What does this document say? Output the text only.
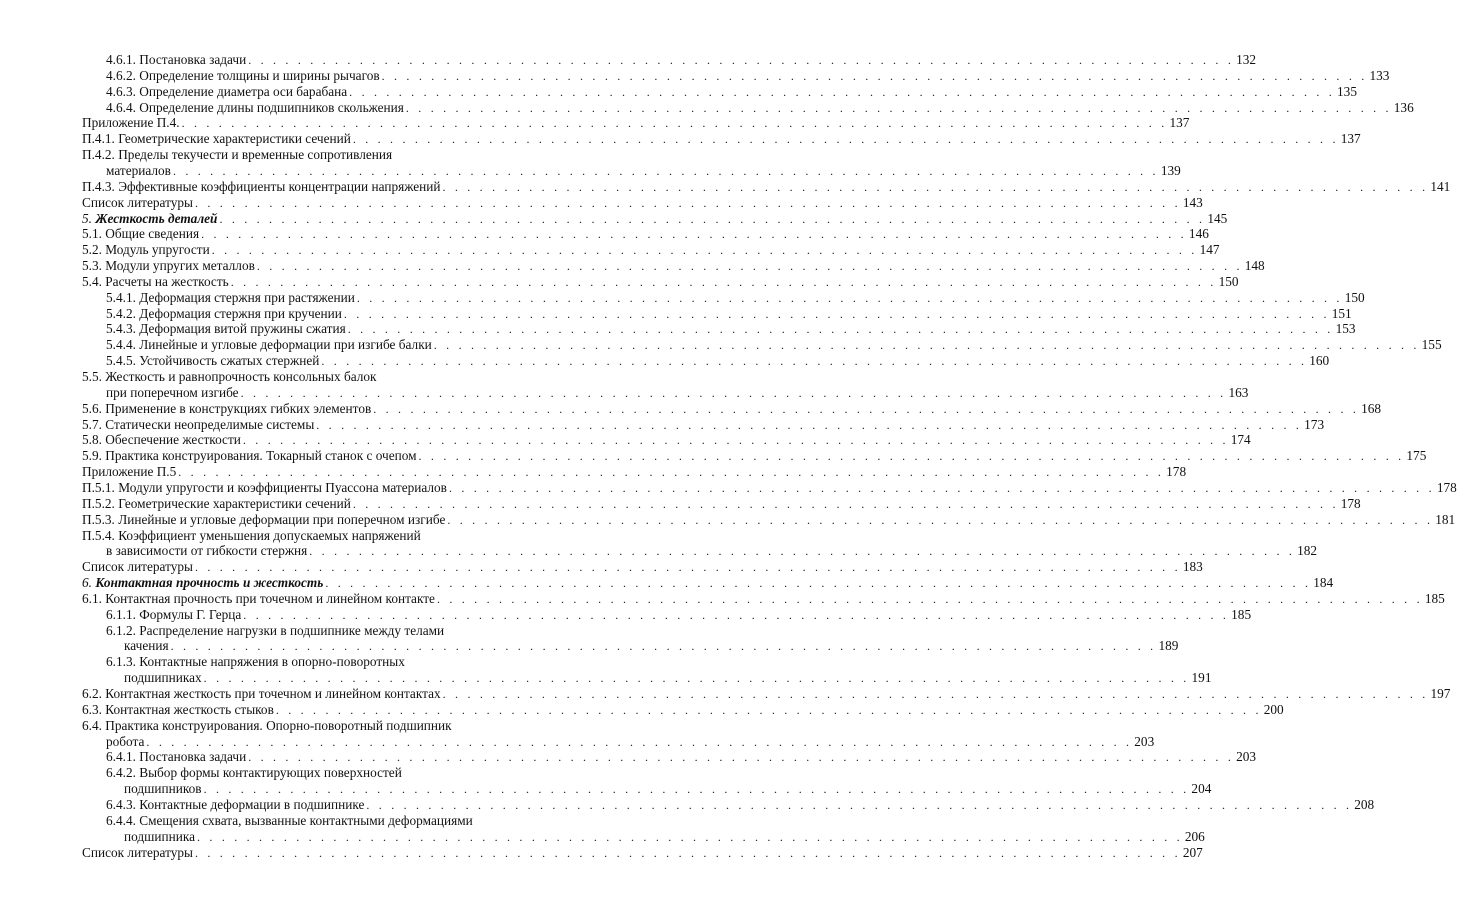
4.6.1. Постановка задачи . . . . . . . . . . . . . . . . . . . . . . . . . . . . . . . . . . . . . . . . . . . . . . . . . . . . . . . . . . . . . . . . . . . . . . . . . . . . . . . . 132
4.6.2. Определение толщины и ширины рычагов . . . . . . . . . . . . . . . . . . . . . . . . . . . . . . . . . . . . . . . . . . . . . . . . . . . . . . . . . . . . . . . . . . . . . . . . . . . . . . . . 133
4.6.3. Определение диаметра оси барабана . . . . . . . . . . . . . . . . . . . . . . . . . . . . . . . . . . . . . . . . . . . . . . . . . . . . . . . . . . . . . . . . . . . . . . . . . . . . . . . . 135
4.6.4. Определение длины подшипников скольжения . . . . . . . . . . . . . . . . . . . . . . . . . . . . . . . . . . . . . . . . . . . . . . . . . . . . . . . . . . . . . . . . . . . . . . . . . . . . . . . . 136
Приложение П.4. . . . . . . . . . . . . . . . . . . . . . . . . . . . . . . . . . . . . . . . . . . . . . . . . . . . . . . . . . . . . . . . . . . . . . . . . . . . . . . . . 137
П.4.1. Геометрические характеристики сечений . . . . . . . . . . . . . . . . . . . . . . . . . . . . . . . . . . . . . . . . . . . . . . . . . . . . . . . . . . . . . . . . . . . . . . . . . . . . . . . . 137
П.4.2. Пределы текучести и временные сопротивления
материалов . . . . . . . . . . . . . . . . . . . . . . . . . . . . . . . . . . . . . . . . . . . . . . . . . . . . . . . . . . . . . . . . . . . . . . . . . . . . . . . . 139
П.4.3. Эффективные коэффициенты концентрации напряжений . . . . . . . . . . . . . . . . . . . . . . . . . . . . . . . . . . . . . . . . . . . . . . . . . . . . . . . . . . . . . . . . . . . . . . . . . . . . . . . . 141
Список литературы . . . . . . . . . . . . . . . . . . . . . . . . . . . . . . . . . . . . . . . . . . . . . . . . . . . . . . . . . . . . . . . . . . . . . . . . . . . . . . . . 143
5. Жесткость деталей . . . . . . . . . . . . . . . . . . . . . . . . . . . . . . . . . . . . . . . . . . . . . . . . . . . . . . . . . . . . . . . . . . . . . . . . . . . . . . . . 145
5.1. Общие сведения . . . . . . . . . . . . . . . . . . . . . . . . . . . . . . . . . . . . . . . . . . . . . . . . . . . . . . . . . . . . . . . . . . . . . . . . . . . . . . . . 146
5.2. Модуль упругости . . . . . . . . . . . . . . . . . . . . . . . . . . . . . . . . . . . . . . . . . . . . . . . . . . . . . . . . . . . . . . . . . . . . . . . . . . . . . . . . 147
5.3. Модули упругих металлов . . . . . . . . . . . . . . . . . . . . . . . . . . . . . . . . . . . . . . . . . . . . . . . . . . . . . . . . . . . . . . . . . . . . . . . . . . . . . . . . 148
5.4. Расчеты на жесткость . . . . . . . . . . . . . . . . . . . . . . . . . . . . . . . . . . . . . . . . . . . . . . . . . . . . . . . . . . . . . . . . . . . . . . . . . . . . . . . . 150
5.4.1. Деформация стержня при растяжении . . . . . . . . . . . . . . . . . . . . . . . . . . . . . . . . . . . . . . . . . . . . . . . . . . . . . . . . . . . . . . . . . . . . . . . . . . . . . . . . 150
5.4.2. Деформация стержня при кручении . . . . . . . . . . . . . . . . . . . . . . . . . . . . . . . . . . . . . . . . . . . . . . . . . . . . . . . . . . . . . . . . . . . . . . . . . . . . . . . . 151
5.4.3. Деформация витой пружины сжатия . . . . . . . . . . . . . . . . . . . . . . . . . . . . . . . . . . . . . . . . . . . . . . . . . . . . . . . . . . . . . . . . . . . . . . . . . . . . . . . . 153
5.4.4. Линейные и угловые деформации при изгибе балки . . . . . . . . . . . . . . . . . . . . . . . . . . . . . . . . . . . . . . . . . . . . . . . . . . . . . . . . . . . . . . . . . . . . . . . . . . . . . . . . 155
5.4.5. Устойчивость сжатых стержней . . . . . . . . . . . . . . . . . . . . . . . . . . . . . . . . . . . . . . . . . . . . . . . . . . . . . . . . . . . . . . . . . . . . . . . . . . . . . . . . 160
5.5. Жесткость и равнопрочность консольных балок
при поперечном изгибе . . . . . . . . . . . . . . . . . . . . . . . . . . . . . . . . . . . . . . . . . . . . . . . . . . . . . . . . . . . . . . . . . . . . . . . . . . . . . . . . 163
5.6. Применение в конструкциях гибких элементов . . . . . . . . . . . . . . . . . . . . . . . . . . . . . . . . . . . . . . . . . . . . . . . . . . . . . . . . . . . . . . . . . . . . . . . . . . . . . . . . 168
5.7. Статически неопределимые системы . . . . . . . . . . . . . . . . . . . . . . . . . . . . . . . . . . . . . . . . . . . . . . . . . . . . . . . . . . . . . . . . . . . . . . . . . . . . . . . . 173
5.8. Обеспечение жесткости . . . . . . . . . . . . . . . . . . . . . . . . . . . . . . . . . . . . . . . . . . . . . . . . . . . . . . . . . . . . . . . . . . . . . . . . . . . . . . . . 174
5.9. Практика конструирования. Токарный станок с очепом . . . . . . . . . . . . . . . . . . . . . . . . . . . . . . . . . . . . . . . . . . . . . . . . . . . . . . . . . . . . . . . . . . . . . . . . . . . . . . . . 175
Приложение П.5 . . . . . . . . . . . . . . . . . . . . . . . . . . . . . . . . . . . . . . . . . . . . . . . . . . . . . . . . . . . . . . . . . . . . . . . . . . . . . . . . 178
П.5.1. Модули упругости и коэффициенты Пуассона материалов . . . . . . . . . . . . . . . . . . . . . . . . . . . . . . . . . . . . . . . . . . . . . . . . . . . . . . . . . . . . . . . . . . . . . . . . . . . . . . . . 178
П.5.2. Геометрические характеристики сечений . . . . . . . . . . . . . . . . . . . . . . . . . . . . . . . . . . . . . . . . . . . . . . . . . . . . . . . . . . . . . . . . . . . . . . . . . . . . . . . . 178
П.5.3. Линейные и угловые деформации при поперечном изгибе . . . . . . . . . . . . . . . . . . . . . . . . . . . . . . . . . . . . . . . . . . . . . . . . . . . . . . . . . . . . . . . . . . . . . . . . . . . . . . . . 181
П.5.4. Коэффициент уменьшения допускаемых напряжений
в зависимости от гибкости стержня . . . . . . . . . . . . . . . . . . . . . . . . . . . . . . . . . . . . . . . . . . . . . . . . . . . . . . . . . . . . . . . . . . . . . . . . . . . . . . . . 182
Список литературы . . . . . . . . . . . . . . . . . . . . . . . . . . . . . . . . . . . . . . . . . . . . . . . . . . . . . . . . . . . . . . . . . . . . . . . . . . . . . . . . 183
6. Контактная прочность и жесткость . . . . . . . . . . . . . . . . . . . . . . . . . . . . . . . . . . . . . . . . . . . . . . . . . . . . . . . . . . . . . . . . . . . . . . . . . . . . . . . . 184
6.1. Контактная прочность при точечном и линейном контакте . . . . . . . . . . . . . . . . . . . . . . . . . . . . . . . . . . . . . . . . . . . . . . . . . . . . . . . . . . . . . . . . . . . . . . . . . . . . . . . . 185
6.1.1. Формулы Г. Герца . . . . . . . . . . . . . . . . . . . . . . . . . . . . . . . . . . . . . . . . . . . . . . . . . . . . . . . . . . . . . . . . . . . . . . . . . . . . . . . . 185
6.1.2. Распределение нагрузки в подшипнике между телами
качения . . . . . . . . . . . . . . . . . . . . . . . . . . . . . . . . . . . . . . . . . . . . . . . . . . . . . . . . . . . . . . . . . . . . . . . . . . . . . . . . 189
6.1.3. Контактные напряжения в опорно-поворотных
подшипниках . . . . . . . . . . . . . . . . . . . . . . . . . . . . . . . . . . . . . . . . . . . . . . . . . . . . . . . . . . . . . . . . . . . . . . . . . . . . . . . . 191
6.2. Контактная жесткость при точечном и линейном контактах . . . . . . . . . . . . . . . . . . . . . . . . . . . . . . . . . . . . . . . . . . . . . . . . . . . . . . . . . . . . . . . . . . . . . . . . . . . . . . . . 197
6.3. Контактная жесткость стыков . . . . . . . . . . . . . . . . . . . . . . . . . . . . . . . . . . . . . . . . . . . . . . . . . . . . . . . . . . . . . . . . . . . . . . . . . . . . . . . . 200
6.4. Практика конструирования. Опорно-поворотный подшипник
робота . . . . . . . . . . . . . . . . . . . . . . . . . . . . . . . . . . . . . . . . . . . . . . . . . . . . . . . . . . . . . . . . . . . . . . . . . . . . . . . . 203
6.4.1. Постановка задачи . . . . . . . . . . . . . . . . . . . . . . . . . . . . . . . . . . . . . . . . . . . . . . . . . . . . . . . . . . . . . . . . . . . . . . . . . . . . . . . . 203
6.4.2. Выбор формы контактирующих поверхностей
подшипников . . . . . . . . . . . . . . . . . . . . . . . . . . . . . . . . . . . . . . . . . . . . . . . . . . . . . . . . . . . . . . . . . . . . . . . . . . . . . . . . 204
6.4.3. Контактные деформации в подшипнике . . . . . . . . . . . . . . . . . . . . . . . . . . . . . . . . . . . . . . . . . . . . . . . . . . . . . . . . . . . . . . . . . . . . . . . . . . . . . . . . 208
6.4.4. Смещения схвата, вызванные контактными деформациями
подшипника . . . . . . . . . . . . . . . . . . . . . . . . . . . . . . . . . . . . . . . . . . . . . . . . . . . . . . . . . . . . . . . . . . . . . . . . . . . . . . . . 206
Список литературы . . . . . . . . . . . . . . . . . . . . . . . . . . . . . . . . . . . . . . . . . . . . . . . . . . . . . . . . . . . . . . . . . . . . . . . . . . . . . . . . 207
